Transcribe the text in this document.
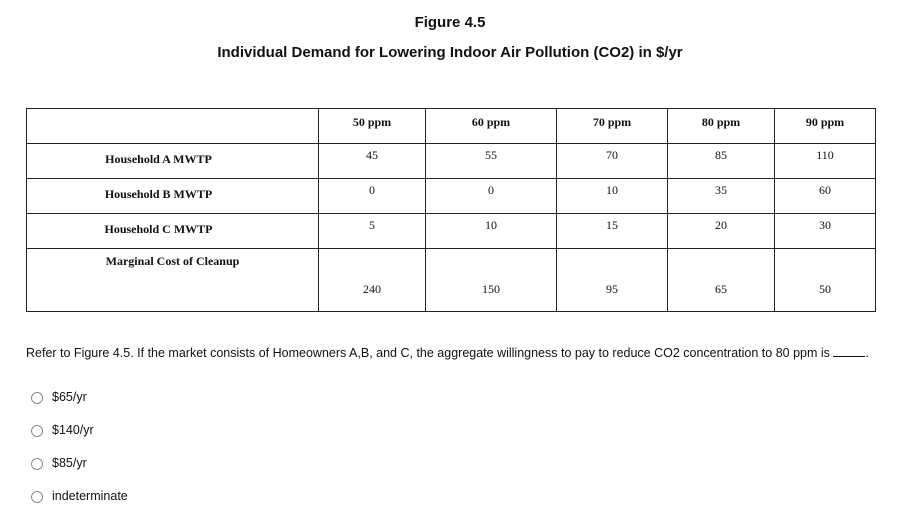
Figure 4.5
Individual Demand for Lowering Indoor Air Pollution (CO2) in $/yr
	50 ppm	60 ppm	70 ppm	80 ppm	90 ppm
Household A MWTP	45	55	70	85	110
Household B MWTP	0	0	10	35	60
Household C MWTP	5	10	15	20	30
Marginal Cost of Cleanup	240	150	95	65	50

Refer to Figure 4.5. If the market consists of Homeowners A,B, and C, the aggregate willingness to pay to reduce CO2 concentration to 80 ppm is	.

$65/yr
$140/yr
$85/yr
indeterminate
